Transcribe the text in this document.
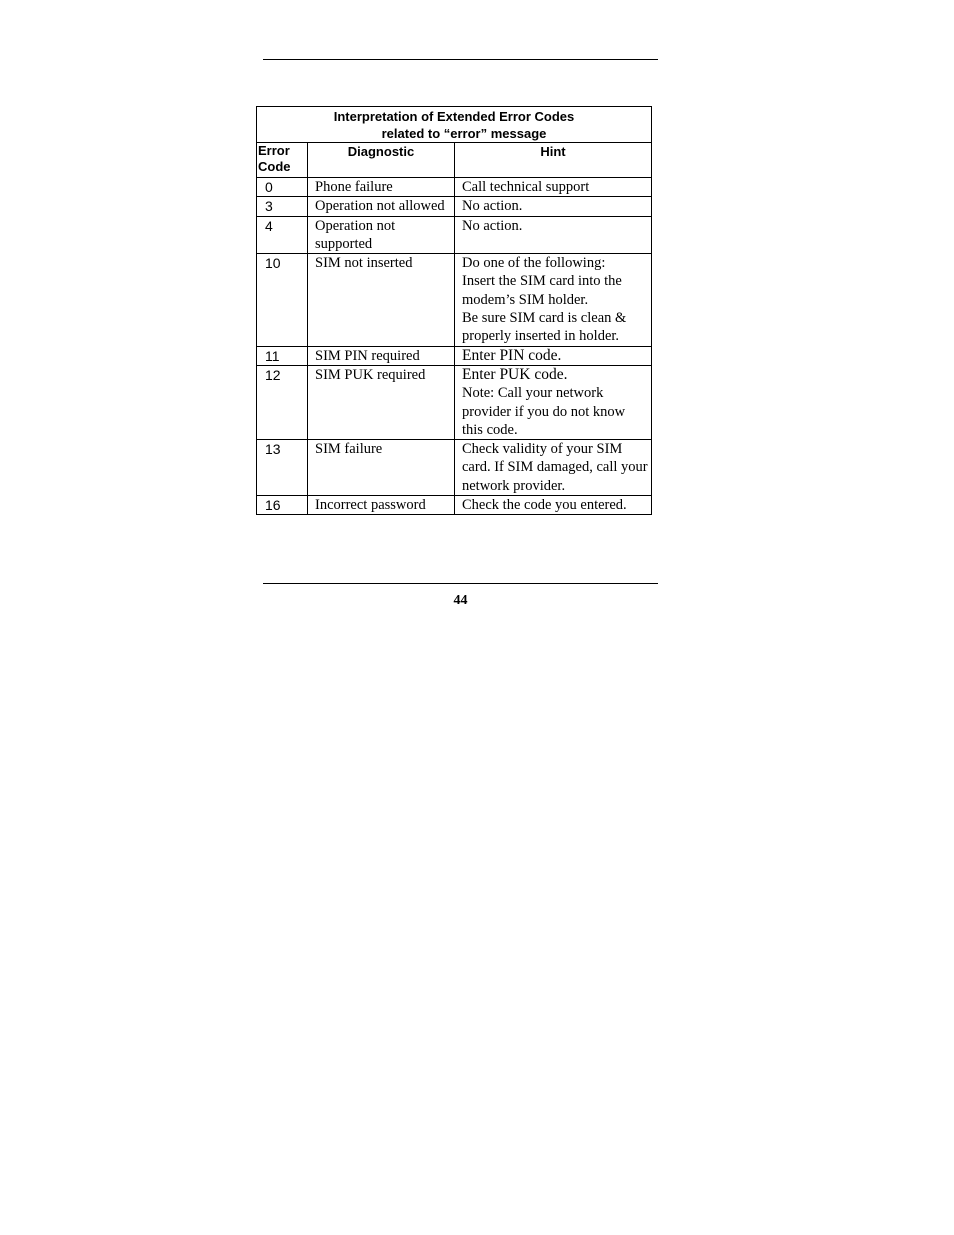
Interpretation of Extended Error Codes
related to “error” message		

Error
Code	Diagnostic	Hint
0	Phone failure	Call technical support

3	Operation not allowed	No action.

4	Operation not supported	No action.

10	SIM not inserted	Do one of the following:
Insert the SIM card into the modem’s SIM holder.
Be sure SIM card is clean & properly inserted in holder.

11	SIM PIN required	Enter PIN code.

12	SIM PUK required	Enter PUK code.
Note: Call your network provider if you do not know this code.

13	SIM failure	Check validity of your SIM card. If SIM damaged, call your network provider.

16	Incorrect password	Check the code you entered.
44
